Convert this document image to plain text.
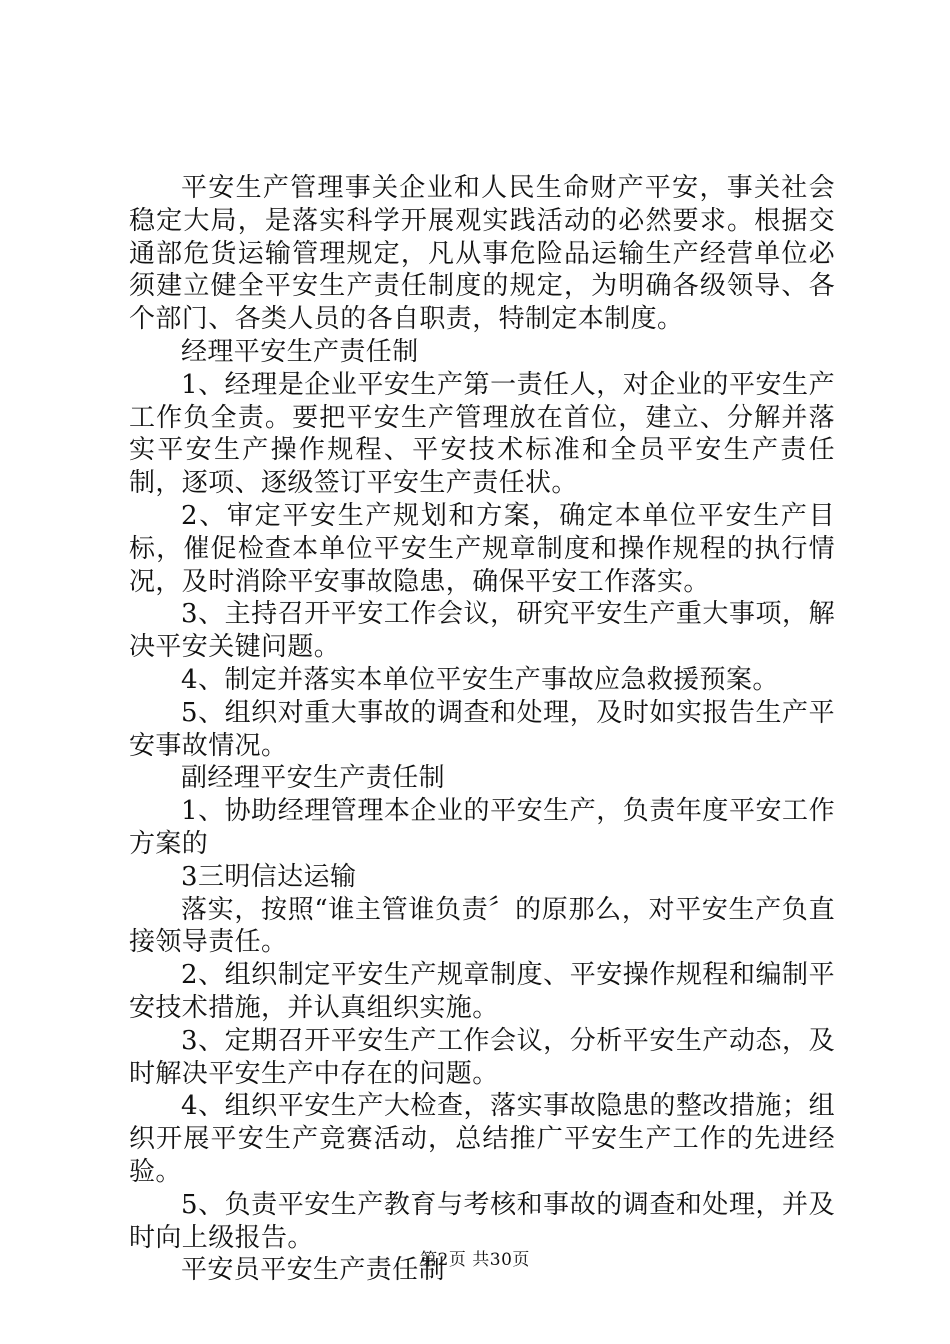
平安生产管理事关企业和人民生命财产平安，事关社会稳定大局，是落实科学开展观实践活动的必然要求。根据交通部危货运输管理规定，凡从事危险品运输生产经营单位必须建立健全平安生产责任制度的规定，为明确各级领导、各个部门、各类人员的各自职责，特制定本制度。

经理平安生产责任制

1、经理是企业平安生产第一责任人，对企业的平安生产工作负全责。要把平安生产管理放在首位，建立、分解并落实平安生产操作规程、平安技术标准和全员平安生产责任制，逐项、逐级签订平安生产责任状。

2、审定平安生产规划和方案，确定本单位平安生产目标，催促检查本单位平安生产规章制度和操作规程的执行情况，及时消除平安事故隐患，确保平安工作落实。

3、主持召开平安工作会议，研究平安生产重大事项，解决平安关键问题。

4、制定并落实本单位平安生产事故应急救援预案。

5、组织对重大事故的调查和处理，及时如实报告生产平安事故情况。

副经理平安生产责任制

1、协助经理管理本企业的平安生产，负责年度平安工作方案的

3三明信达运输

落实，按照“谁主管谁负责〞的原那么，对平安生产负直接领导责任。

2、组织制定平安生产规章制度、平安操作规程和编制平安技术措施，并认真组织实施。

3、定期召开平安生产工作会议，分析平安生产动态，及时解决平安生产中存在的问题。

4、组织平安生产大检查，落实事故隐患的整改措施；组织开展平安生产竞赛活动，总结推广平安生产工作的先进经验。

5、负责平安生产教育与考核和事故的调查和处理，并及时向上级报告。

平安员平安生产责任制

第2页 共30页
